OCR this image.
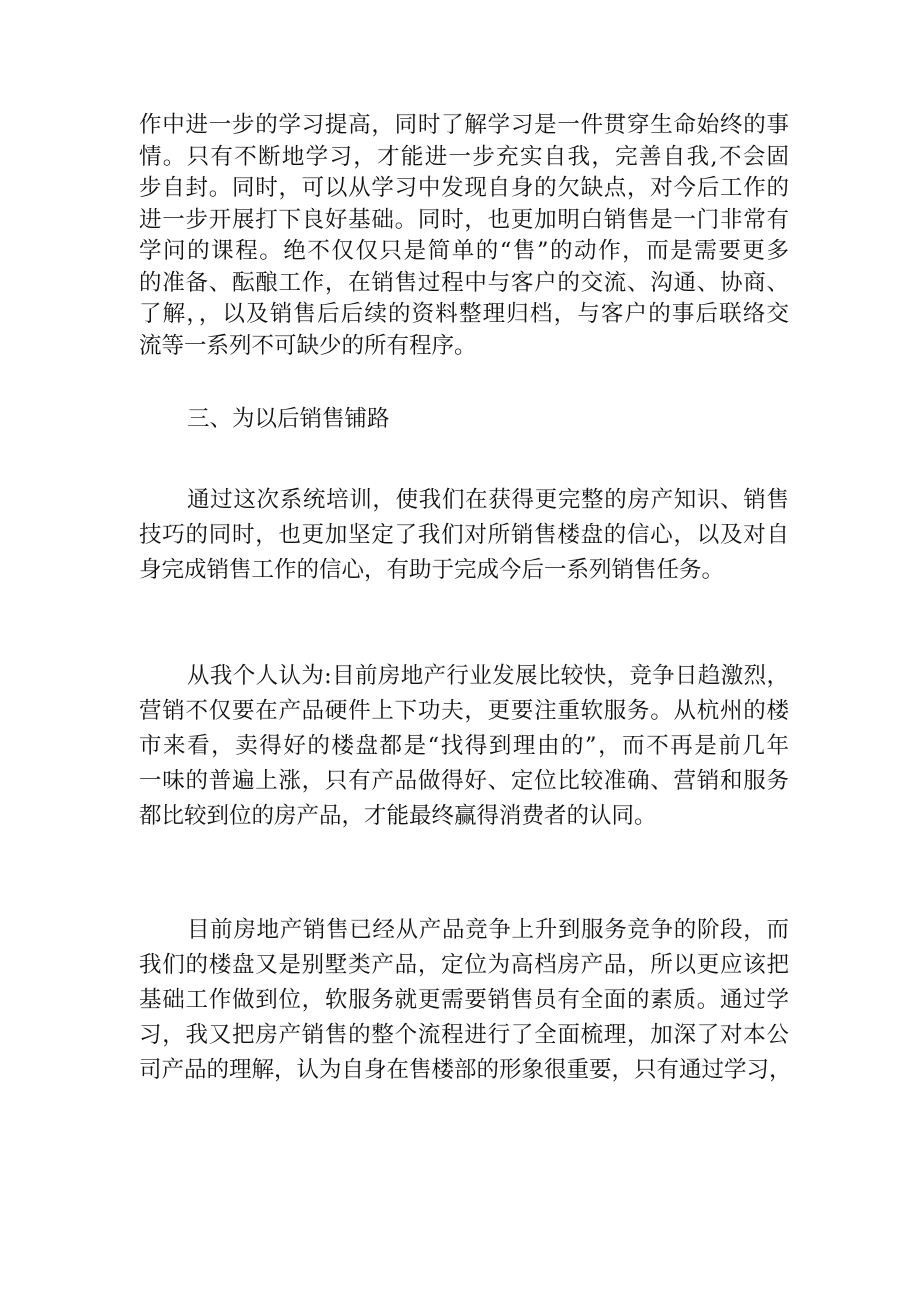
作中进一步的学习提高，同时了解学习是一件贯穿生命始终的事
情。只有不断地学习，才能进一步充实自我，完善自我,不会固
步自封。同时，可以从学习中发现自身的欠缺点，对今后工作的
进一步开展打下良好基础。同时，也更加明白销售是一门非常有
学问的课程。绝不仅仅只是简单的“售”的动作，而是需要更多
的准备、酝酿工作，在销售过程中与客户的交流、沟通、协商、
了解，，以及销售后后续的资料整理归档，与客户的事后联络交
流等一系列不可缺少的所有程序。
三、为以后销售铺路
通过这次系统培训，使我们在获得更完整的房产知识、销售
技巧的同时，也更加坚定了我们对所销售楼盘的信心，以及对自
身完成销售工作的信心，有助于完成今后一系列销售任务。
从我个人认为:目前房地产行业发展比较快，竞争日趋激烈，
营销不仅要在产品硬件上下功夫，更要注重软服务。从杭州的楼
市来看，卖得好的楼盘都是“找得到理由的”，而不再是前几年
一味的普遍上涨，只有产品做得好、定位比较准确、营销和服务
都比较到位的房产品，才能最终赢得消费者的认同。
目前房地产销售已经从产品竞争上升到服务竞争的阶段，而
我们的楼盘又是别墅类产品，定位为高档房产品，所以更应该把
基础工作做到位，软服务就更需要销售员有全面的素质。通过学
习，我又把房产销售的整个流程进行了全面梳理，加深了对本公
司产品的理解，认为自身在售楼部的形象很重要，只有通过学习，
